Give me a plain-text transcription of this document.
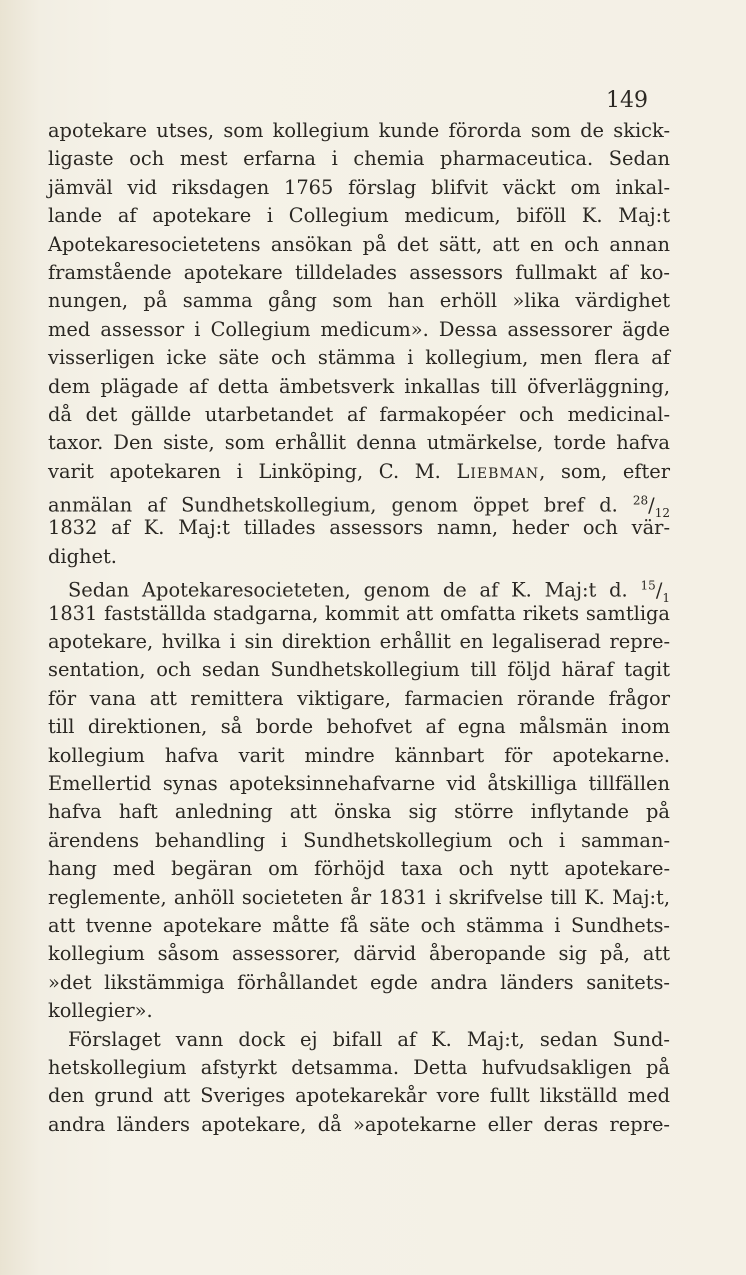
149
apotekare utses, som kollegium kunde förorda som de skick-
ligaste och mest erfarna i chemia pharmaceutica. Sedan
jämväl vid riksdagen 1765 förslag blifvit väckt om inkal-
lande af apotekare i Collegium medicum, biföll K. Maj:t
Apotekaresocietetens ansökan på det sätt, att en och annan
framstående apotekare tilldelades assessors fullmakt af ko-
nungen, på samma gång som han erhöll »lika värdighet
med assessor i Collegium medicum». Dessa assessorer ägde
visserligen icke säte och stämma i kollegium, men flera af
dem plägade af detta ämbetsverk inkallas till öfverläggning,
då det gällde utarbetandet af farmakopéer och medicinal-
taxor. Den siste, som erhållit denna utmärkelse, torde hafva
varit apotekaren i Linköping, C. M. Liebman, som, efter
anmälan af Sundhetskollegium, genom öppet bref d. $^{28}/_{12}$
1832 af K. Maj:t tillades assessors namn, heder och vär-
dighet.
Sedan Apotekaresocieteten, genom de af K. Maj:t d. $^{15}/_1$
1831 fastställda stadgarna, kommit att omfatta rikets samtliga
apotekare, hvilka i sin direktion erhållit en legaliserad repre-
sentation, och sedan Sundhetskollegium till följd häraf tagit
för vana att remittera viktigare, farmacien rörande frågor
till direktionen, så borde behofvet af egna målsmän inom
kollegium hafva varit mindre kännbart för apotekarne.
Emellertid synas apoteksinnehafvarne vid åtskilliga tillfällen
hafva haft anledning att önska sig större inflytande på
ärendens behandling i Sundhetskollegium och i samman-
hang med begäran om förhöjd taxa och nytt apotekare-
reglemente, anhöll societeten år 1831 i skrifvelse till K. Maj:t,
att tvenne apotekare måtte få säte och stämma i Sundhets-
kollegium såsom assessorer, därvid åberopande sig på, att
»det likstämmiga förhållandet egde andra länders sanitets-
kollegier».
Förslaget vann dock ej bifall af K. Maj:t, sedan Sund-
hetskollegium afstyrkt detsamma. Detta hufvudsakligen på
den grund att Sveriges apotekarekår vore fullt likställd med
andra länders apotekare, då »apotekarne eller deras repre-
